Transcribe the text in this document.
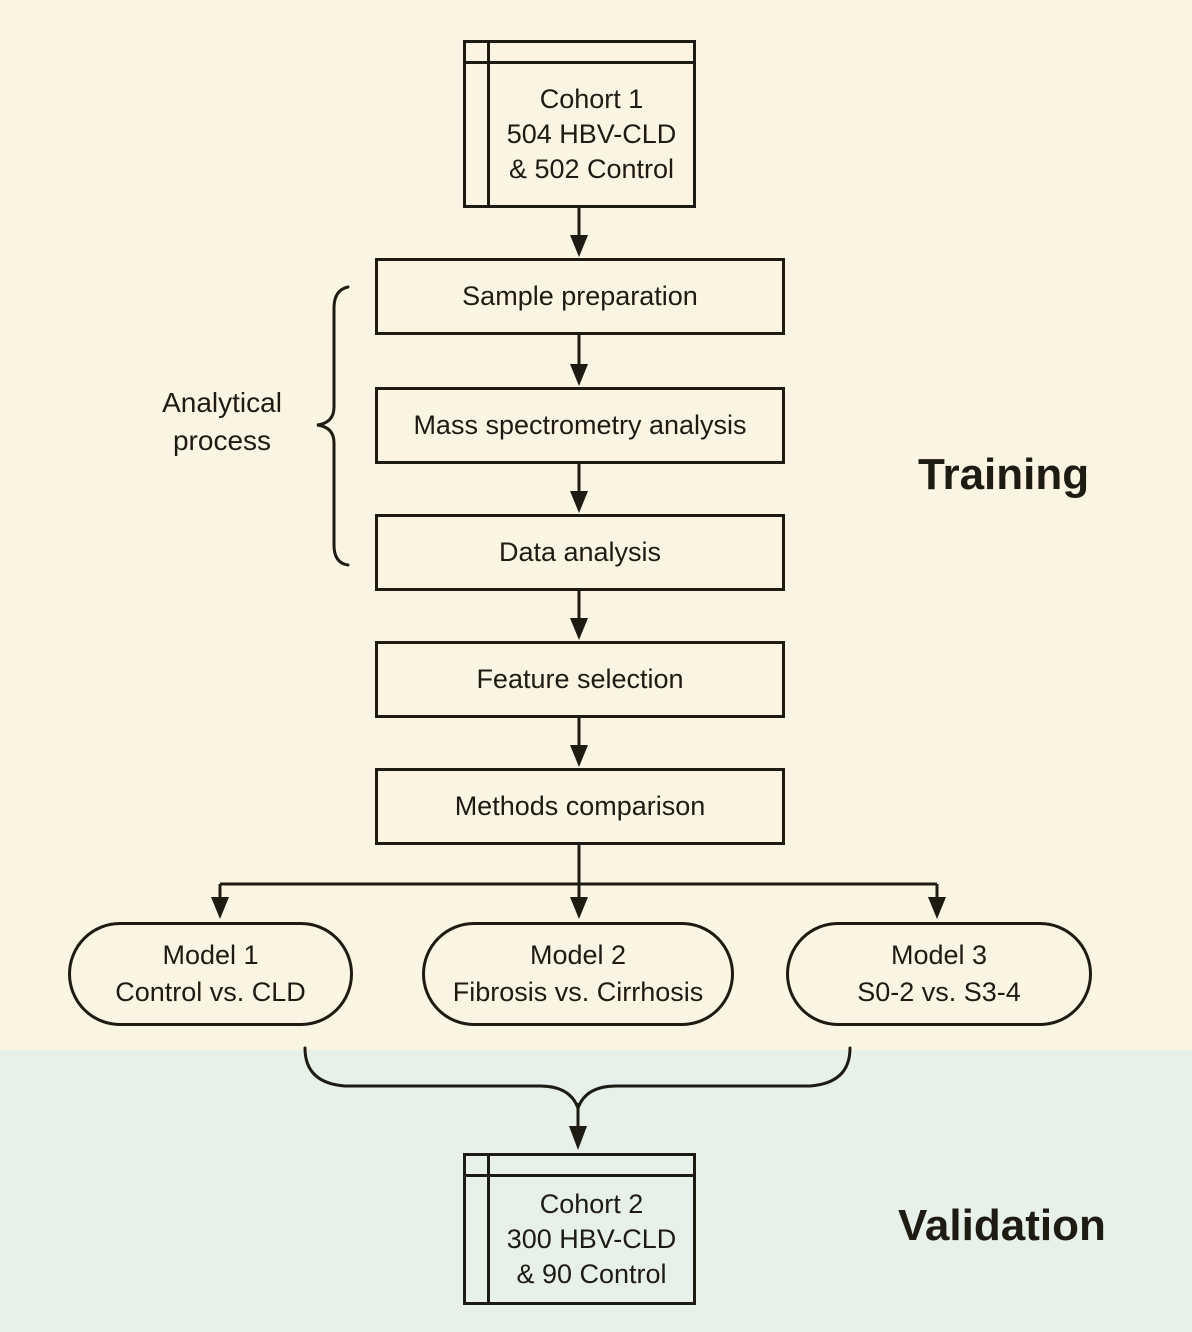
Cohort 1
504 HBV-CLD
& 502 Control
Sample preparation
Mass spectrometry analysis
Data analysis
Feature selection
Methods comparison
Analytical
process
Training
Validation
Model 1
Control vs. CLD
Model 2
Fibrosis vs. Cirrhosis
Model 3
S0-2 vs. S3-4
Cohort 2
300 HBV-CLD
& 90 Control
